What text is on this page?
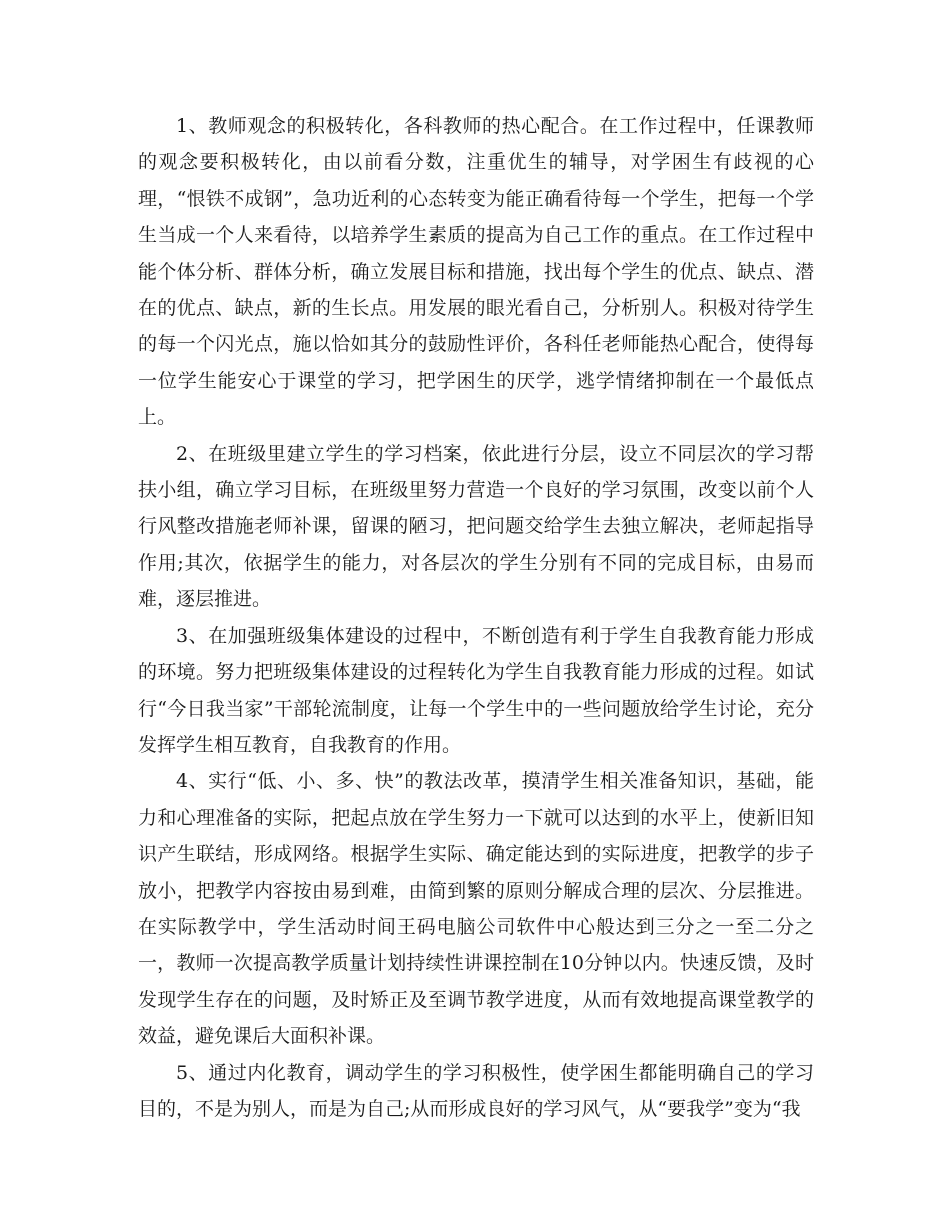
1、教师观念的积极转化，各科教师的热心配合。在工作过程中，任课教师的观念要积极转化，由以前看分数，注重优生的辅导，对学困生有歧视的心理，“恨铁不成钢”，急功近利的心态转变为能正确看待每一个学生，把每一个学生当成一个人来看待，以培养学生素质的提高为自己工作的重点。在工作过程中能个体分析、群体分析，确立发展目标和措施，找出每个学生的优点、缺点、潜在的优点、缺点，新的生长点。用发展的眼光看自己，分析别人。积极对待学生的每一个闪光点，施以恰如其分的鼓励性评价，各科任老师能热心配合，使得每一位学生能安心于课堂的学习，把学困生的厌学，逃学情绪抑制在一个最低点上。

2、在班级里建立学生的学习档案，依此进行分层，设立不同层次的学习帮扶小组，确立学习目标，在班级里努力营造一个良好的学习氛围，改变以前个人行风整改措施老师补课，留课的陋习，把问题交给学生去独立解决，老师起指导作用;其次，依据学生的能力，对各层次的学生分别有不同的完成目标，由易而难，逐层推进。

3、在加强班级集体建设的过程中，不断创造有利于学生自我教育能力形成的环境。努力把班级集体建设的过程转化为学生自我教育能力形成的过程。如试行“今日我当家”干部轮流制度，让每一个学生中的一些问题放给学生讨论，充分发挥学生相互教育，自我教育的作用。

4、实行“低、小、多、快”的教法改革，摸清学生相关准备知识，基础，能力和心理准备的实际，把起点放在学生努力一下就可以达到的水平上，使新旧知识产生联结，形成网络。根据学生实际、确定能达到的实际进度，把教学的步子放小，把教学内容按由易到难，由简到繁的原则分解成合理的层次、分层推进。在实际教学中，学生活动时间王码电脑公司软件中心般达到三分之一至二分之一，教师一次提高教学质量计划持续性讲课控制在10分钟以内。快速反馈，及时发现学生存在的问题，及时矫正及至调节教学进度，从而有效地提高课堂教学的效益，避免课后大面积补课。

5、通过内化教育，调动学生的学习积极性，使学困生都能明确自己的学习目的，不是为别人，而是为自己;从而形成良好的学习风气，从“要我学”变为“我
